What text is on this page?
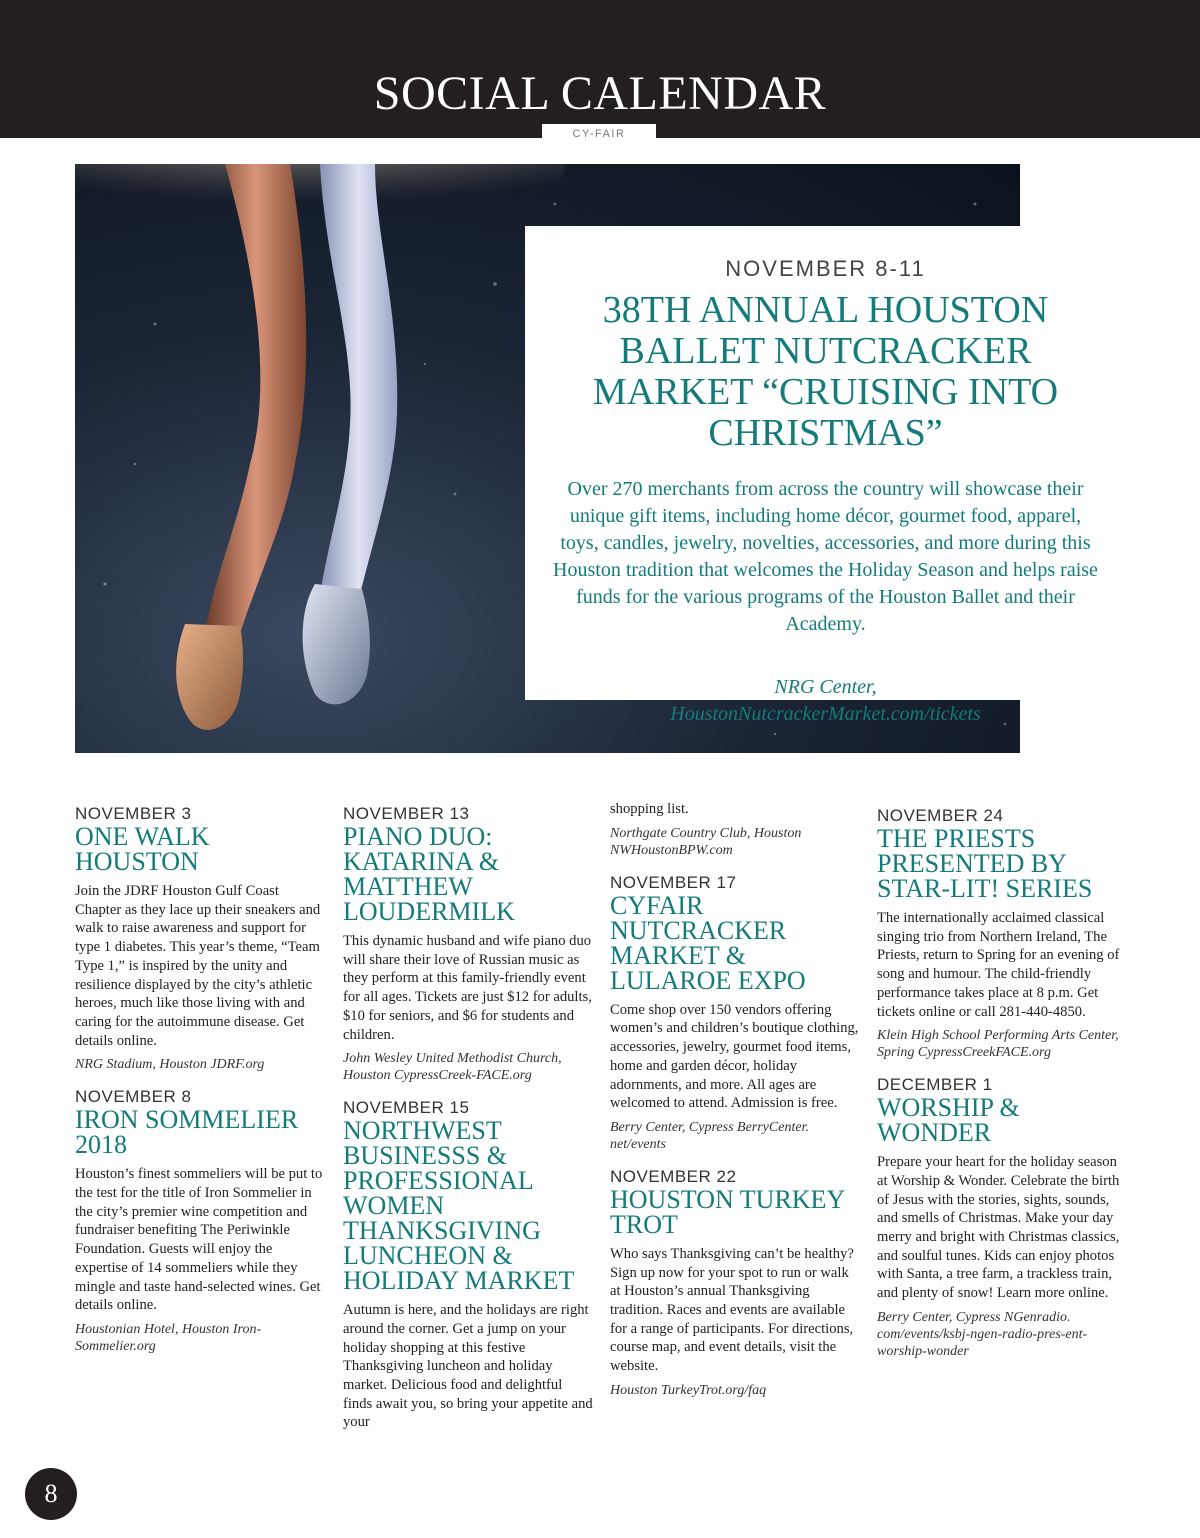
SOCIAL CALENDAR
CY-FAIR
NOVEMBER 8-11
38TH ANNUAL HOUSTON BALLET NUTCRACKER MARKET “CRUISING INTO CHRISTMAS”
Over 270 merchants from across the country will showcase their unique gift items, including home décor, gourmet food, apparel, toys, candles, jewelry, novelties, accessories, and more during this Houston tradition that welcomes the Holiday Season and helps raise funds for the various programs of the Houston Ballet and their Academy.
NRG Center,
HoustonNutcrackerMarket.com/tickets
NOVEMBER 3
ONE WALK HOUSTON
Join the JDRF Houston Gulf Coast Chapter as they lace up their sneakers and walk to raise awareness and support for type 1 diabetes. This year’s theme, “Team Type 1,” is inspired by the unity and resilience displayed by the city’s athletic heroes, much like those living with and caring for the autoimmune disease. Get details online.
NRG Stadium, Houston JDRF.org
NOVEMBER 8
IRON SOMMELIER 2018
Houston’s finest sommeliers will be put to the test for the title of Iron Sommelier in the city’s premier wine competition and fundraiser benefiting The Periwinkle Foundation. Guests will enjoy the expertise of 14 sommeliers while they mingle and taste hand-selected wines. Get details online.
Houstonian Hotel, Houston Iron-Sommelier.org
NOVEMBER 13
PIANO DUO: KATARINA & MATTHEW LOUDERMILK
This dynamic husband and wife piano duo will share their love of Russian music as they perform at this family-friendly event for all ages. Tickets are just $12 for adults, $10 for seniors, and $6 for students and children.
John Wesley United Methodist Church, Houston CypressCreek-FACE.org
NOVEMBER 15
NORTHWEST BUSINESSS & PROFESSIONAL WOMEN THANKSGIVING LUNCHEON & HOLIDAY MARKET
Autumn is here, and the holidays are right around the corner. Get a jump on your holiday shopping at this festive Thanksgiving luncheon and holiday market. Delicious food and delightful finds await you, so bring your appetite and your
shopping list.
Northgate Country Club, Houston NWHoustonBPW.com
NOVEMBER 17
CYFAIR NUTCRACKER MARKET & LULAROE EXPO
Come shop over 150 vendors offering women’s and children’s boutique clothing, accessories, jewelry, gourmet food items, home and garden décor, holiday adornments, and more. All ages are welcomed to attend. Admission is free.
Berry Center, Cypress BerryCenter. net/events
NOVEMBER 22
HOUSTON TURKEY TROT
Who says Thanksgiving can’t be healthy? Sign up now for your spot to run or walk at Houston’s annual Thanksgiving tradition. Races and events are available for a range of participants. For directions, course map, and event details, visit the website.
Houston TurkeyTrot.org/faq
NOVEMBER 24
THE PRIESTS PRESENTED BY STAR-LIT! SERIES
The internationally acclaimed classical singing trio from Northern Ireland, The Priests, return to Spring for an evening of song and humour. The child-friendly performance takes place at 8 p.m. Get tickets online or call 281-440-4850.
Klein High School Performing Arts Center, Spring CypressCreekFACE.org
DECEMBER 1
WORSHIP & WONDER
Prepare your heart for the holiday season at Worship & Wonder. Celebrate the birth of Jesus with the stories, sights, sounds, and smells of Christmas. Make your day merry and bright with Christmas classics, and soulful tunes. Kids can enjoy photos with Santa, a tree farm, a trackless train, and plenty of snow! Learn more online.
Berry Center, Cypress NGenradio. com/events/ksbj-ngen-radio-pres-ent-worship-wonder
8
